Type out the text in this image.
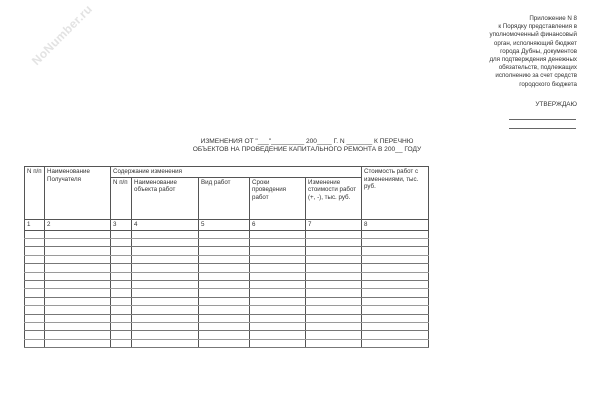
NoNumber.ru	Приложение N 8
к Порядку представления в
уполномоченный финансовый
орган, исполняющий бюджет
города Дубны, документов
для подтверждения денежных
обязательств, подлежащих
исполнению за счет средств
городского бюджета
УТВЕРЖДАЮ
ИЗМЕНЕНИЯ ОТ "___"_________ 200____ Г. N _______ К ПЕРЕЧНЮ
ОБЪЕКТОВ НА ПРОВЕДЕНИЕ КАПИТАЛЬНОГО РЕМОНТА В 200__ ГОДУ
N п/п	Наименование Получателя	Содержание изменения					Стоимость работ с изменениями, тыс. руб.
		N п/п	Наименование объекта работ	Вид работ	Сроки проведения работ	Изменение стоимости работ (+, -), тыс. руб.	
1	2	3	4	5	6	7	8
